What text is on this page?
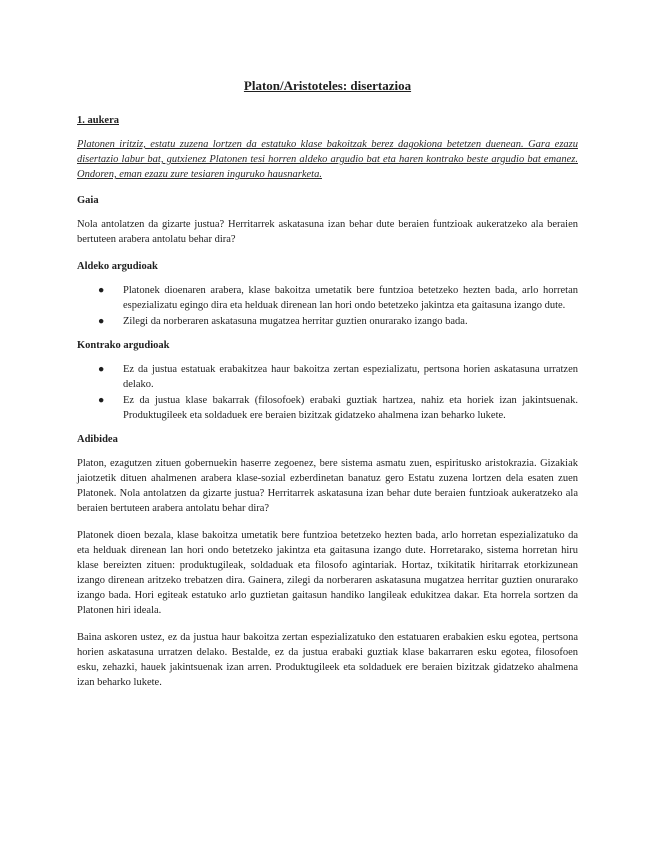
Platon/Aristoteles: disertazioa
1. aukera
Platonen iritziz, estatu zuzena lortzen da estatuko klase bakoitzak berez dagokiona betetzen duenean. Gara ezazu disertazio labur bat, gutxienez Platonen tesi horren aldeko argudio bat eta haren kontrako beste argudio bat emanez. Ondoren, eman ezazu zure tesiaren inguruko hausnarketa.
Gaia

Nola antolatzen da gizarte justua? Herritarrek askatasuna izan behar dute beraien funtzioak aukeratzeko ala beraien bertuteen arabera antolatu behar dira?

Aldeko argudioak
● Platonek dioenaren arabera, klase bakoitza umetatik bere funtzioa betetzeko hezten bada, arlo horretan espezializatu egingo dira eta helduak direnean lan hori ondo betetzeko jakintza eta gaitasuna izango dute.
● Zilegi da norberaren askatasuna mugatzea herritar guztien onurarako izango bada.
Kontrako argudioak
● Ez da justua estatuak erabakitzea haur bakoitza zertan espezializatu, pertsona horien askatasuna urratzen delako.
● Ez da justua klase bakarrak (filosofoek) erabaki guztiak hartzea, nahiz eta horiek izan jakintsuenak. Produktugileek eta soldaduek ere beraien bizitzak gidatzeko ahalmena izan beharko lukete.
Adibidea

Platon, ezagutzen zituen gobernuekin haserre zegoenez, bere sistema asmatu zuen, espiritusko aristokrazia. Gizakiak jaiotzetik dituen ahalmenen arabera klase-sozial ezberdinetan banatuz gero Estatu zuzena lortzen dela esaten zuen Platonek. Nola antolatzen da gizarte justua? Herritarrek askatasuna izan behar dute beraien funtzioak aukeratzeko ala beraien bertuteen arabera antolatu behar dira?

Platonek dioen bezala, klase bakoitza umetatik bere funtzioa betetzeko hezten bada, arlo horretan espezializatuko da eta helduak direnean lan hori ondo betetzeko jakintza eta gaitasuna izango dute. Horretarako, sistema horretan hiru klase bereizten zituen: produktugileak, soldaduak eta filosofo agintariak. Hortaz, txikitatik hiritarrak etorkizunean izango direnean aritzeko trebatzen dira. Gainera, zilegi da norberaren askatasuna mugatzea herritar guztien onurarako izango bada. Hori egiteak estatuko arlo guztietan gaitasun handiko langileak edukitzea dakar. Eta horrela sortzen da Platonen hiri ideala.

Baina askoren ustez, ez da justua haur bakoitza zertan espezializatuko den estatuaren erabakien esku egotea, pertsona horien askatasuna urratzen delako. Bestalde, ez da justua erabaki guztiak klase bakarraren esku egotea, filosofoen esku, zehazki, hauek jakintsuenak izan arren. Produktugileek eta soldaduek ere beraien bizitzak gidatzeko ahalmena izan beharko lukete.
